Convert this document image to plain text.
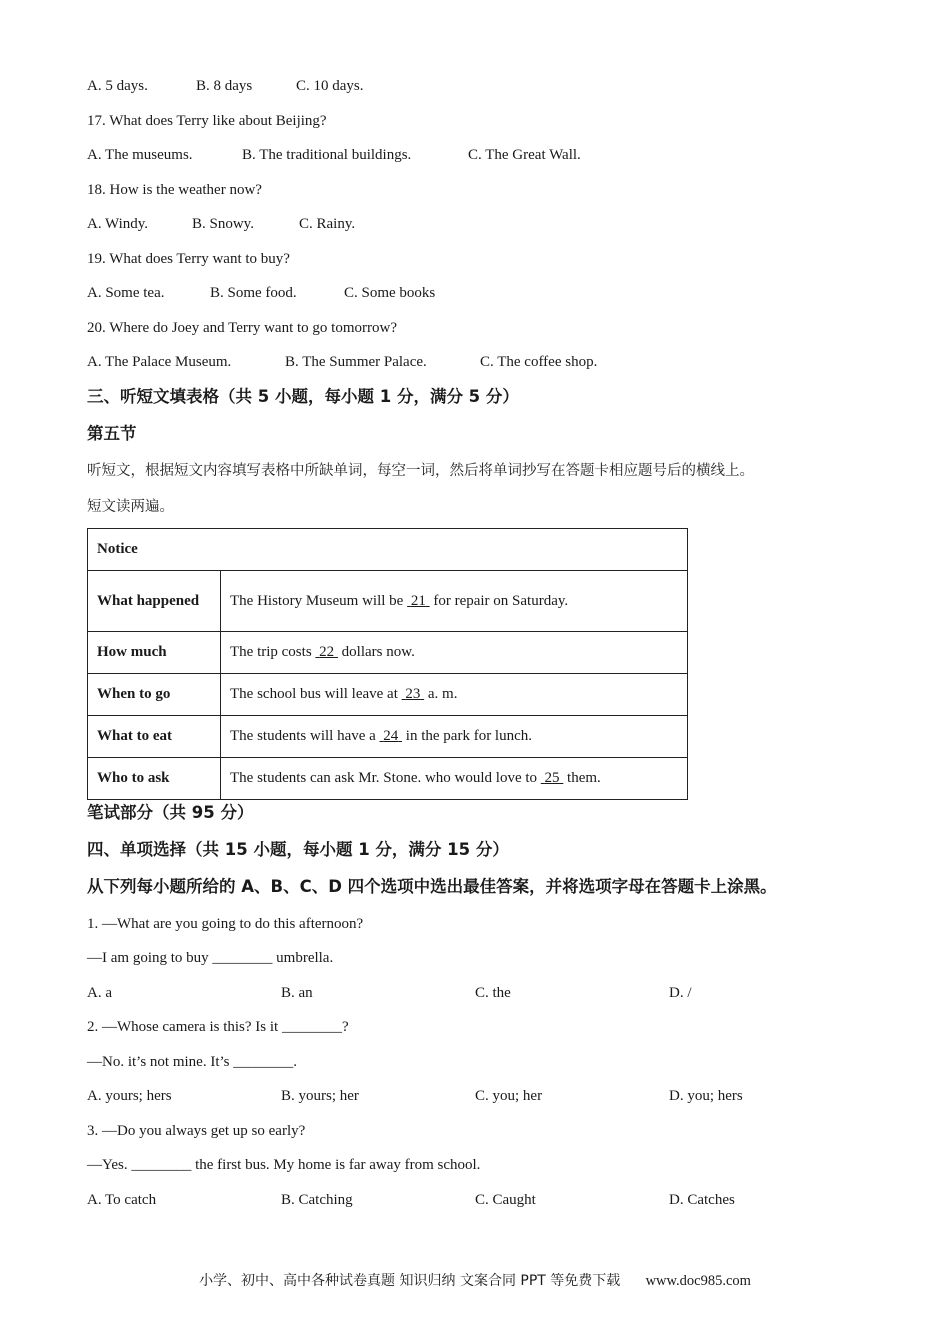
A. 5 days.	B. 8 days	C. 10 days.
17. What does Terry like about Beijing?
A. The museums.	B. The traditional buildings.	C. The Great Wall.
18. How is the weather now?
A. Windy.	B. Snowy.	C. Rainy.
19. What does Terry want to buy?
A. Some tea.	B. Some food.	C. Some books
20. Where do Joey and Terry want to go tomorrow?
A. The Palace Museum.	B. The Summer Palace.	C. The coffee shop.
三、听短文填表格（共 5 小题，每小题 1 分，满分 5 分）
第五节
听短文，根据短文内容填写表格中所缺单词，每空一词，然后将单词抄写在答题卡相应题号后的横线上。
短文读两遍。
Notice	
What happened	The History Museum will be  21  for repair on Saturday.
How much	The trip costs  22  dollars now.
When to go	The school bus will leave at  23  a. m.
What to eat	The students will have a  24  in the park for lunch.
Who to ask	The students can ask Mr. Stone. who would love to  25  them.
笔试部分（共 95 分）
四、单项选择（共 15 小题，每小题 1 分，满分 15 分）
从下列每小题所给的 A、B、C、D 四个选项中选出最佳答案，并将选项字母在答题卡上涂黑。
1. —What are you going to do this afternoon?
—I am going to buy ________ umbrella.
A. a	B. an	C. the	D. /
2. —Whose camera is this? Is it ________?
—No. it’s not mine. It’s ________.
A. yours; hers	B. yours; her	C. you; her	D. you; hers
3. —Do you always get up so early?
—Yes. ________ the first bus. My home is far away from school.
A. To catch	B. Catching	C. Caught	D. Catches
小学、初中、高中各种试卷真题 知识归纳 文案合同 PPT 等免费下载 www.doc985.com
